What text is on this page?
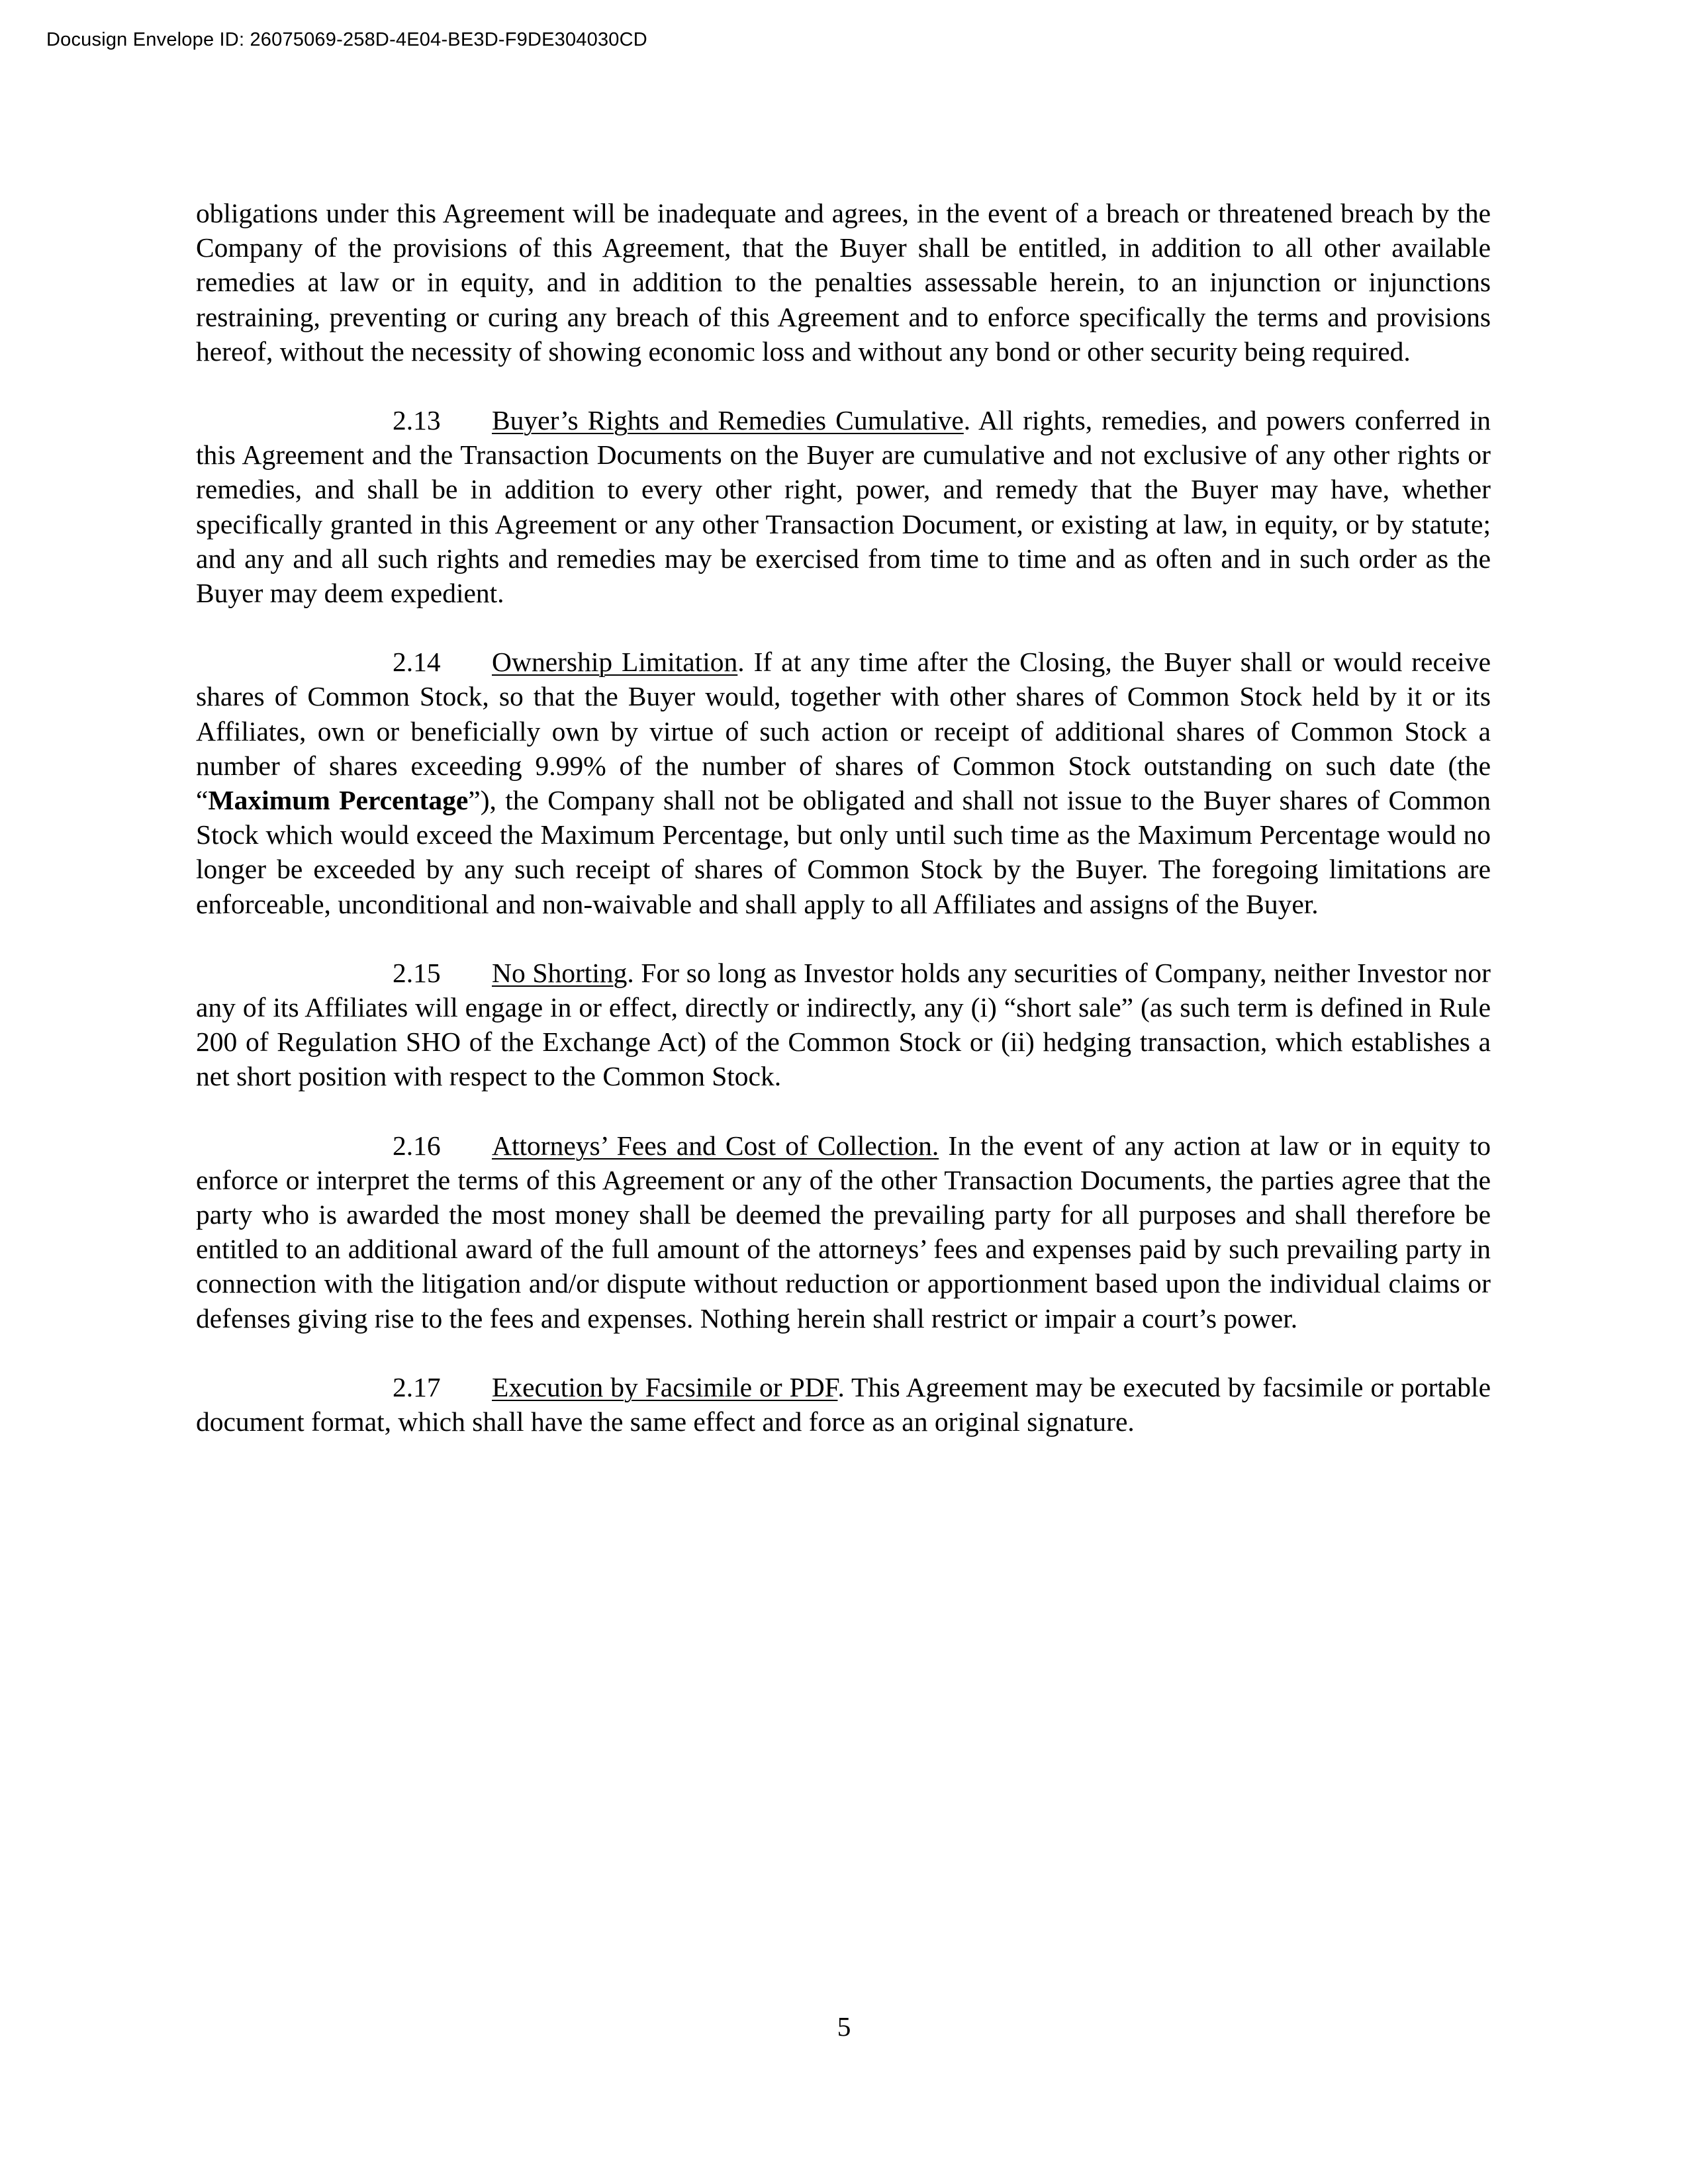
Docusign Envelope ID: 26075069-258D-4E04-BE3D-F9DE304030CD

obligations under this Agreement will be inadequate and agrees, in the event of a breach or threatened breach by the Company of the provisions of this Agreement, that the Buyer shall be entitled, in addition to all other available remedies at law or in equity, and in addition to the penalties assessable herein, to an injunction or injunctions restraining, preventing or curing any breach of this Agreement and to enforce specifically the terms and provisions hereof, without the necessity of showing economic loss and without any bond or other security being required.

2.13 Buyer’s Rights and Remedies Cumulative. All rights, remedies, and powers conferred in this Agreement and the Transaction Documents on the Buyer are cumulative and not exclusive of any other rights or remedies, and shall be in addition to every other right, power, and remedy that the Buyer may have, whether specifically granted in this Agreement or any other Transaction Document, or existing at law, in equity, or by statute; and any and all such rights and remedies may be exercised from time to time and as often and in such order as the Buyer may deem expedient.

2.14 Ownership Limitation. If at any time after the Closing, the Buyer shall or would receive shares of Common Stock, so that the Buyer would, together with other shares of Common Stock held by it or its Affiliates, own or beneficially own by virtue of such action or receipt of additional shares of Common Stock a number of shares exceeding 9.99% of the number of shares of Common Stock outstanding on such date (the “Maximum Percentage”), the Company shall not be obligated and shall not issue to the Buyer shares of Common Stock which would exceed the Maximum Percentage, but only until such time as the Maximum Percentage would no longer be exceeded by any such receipt of shares of Common Stock by the Buyer. The foregoing limitations are enforceable, unconditional and non-waivable and shall apply to all Affiliates and assigns of the Buyer.

2.15 No Shorting. For so long as Investor holds any securities of Company, neither Investor nor any of its Affiliates will engage in or effect, directly or indirectly, any (i) “short sale” (as such term is defined in Rule 200 of Regulation SHO of the Exchange Act) of the Common Stock or (ii) hedging transaction, which establishes a net short position with respect to the Common Stock.

2.16 Attorneys’ Fees and Cost of Collection. In the event of any action at law or in equity to enforce or interpret the terms of this Agreement or any of the other Transaction Documents, the parties agree that the party who is awarded the most money shall be deemed the prevailing party for all purposes and shall therefore be entitled to an additional award of the full amount of the attorneys’ fees and expenses paid by such prevailing party in connection with the litigation and/or dispute without reduction or apportionment based upon the individual claims or defenses giving rise to the fees and expenses. Nothing herein shall restrict or impair a court’s power.

2.17 Execution by Facsimile or PDF. This Agreement may be executed by facsimile or portable document format, which shall have the same effect and force as an original signature.

5
